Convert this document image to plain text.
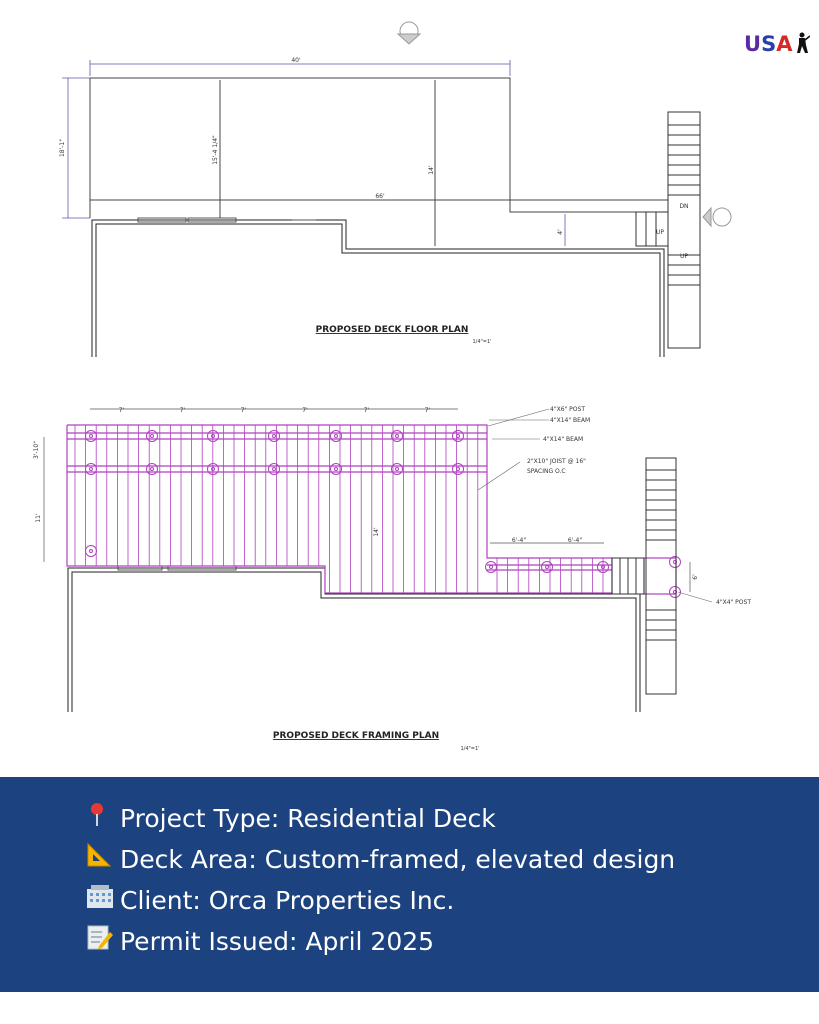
40'
18'-1"	15'-4 1/4"
14'
66'
4'
DN
UP
UP
PROPOSED DECK FLOOR PLAN
1/4"=1'
7'	7'	7'	7'	7'	7'
3'-10"
11'
14'
6'-4"	6'-4"
6'
4"X6" POST
4"X14" BEAM
4"X14" BEAM
2"X10" JOIST @ 16"
SPACING O.C
4"X4" POST
PROPOSED DECK FRAMING PLAN
1/4"=1'
USA
Project Type: Residential Deck
Deck Area: Custom-framed, elevated design
Client: Orca Properties Inc.
Permit Issued: April 2025
